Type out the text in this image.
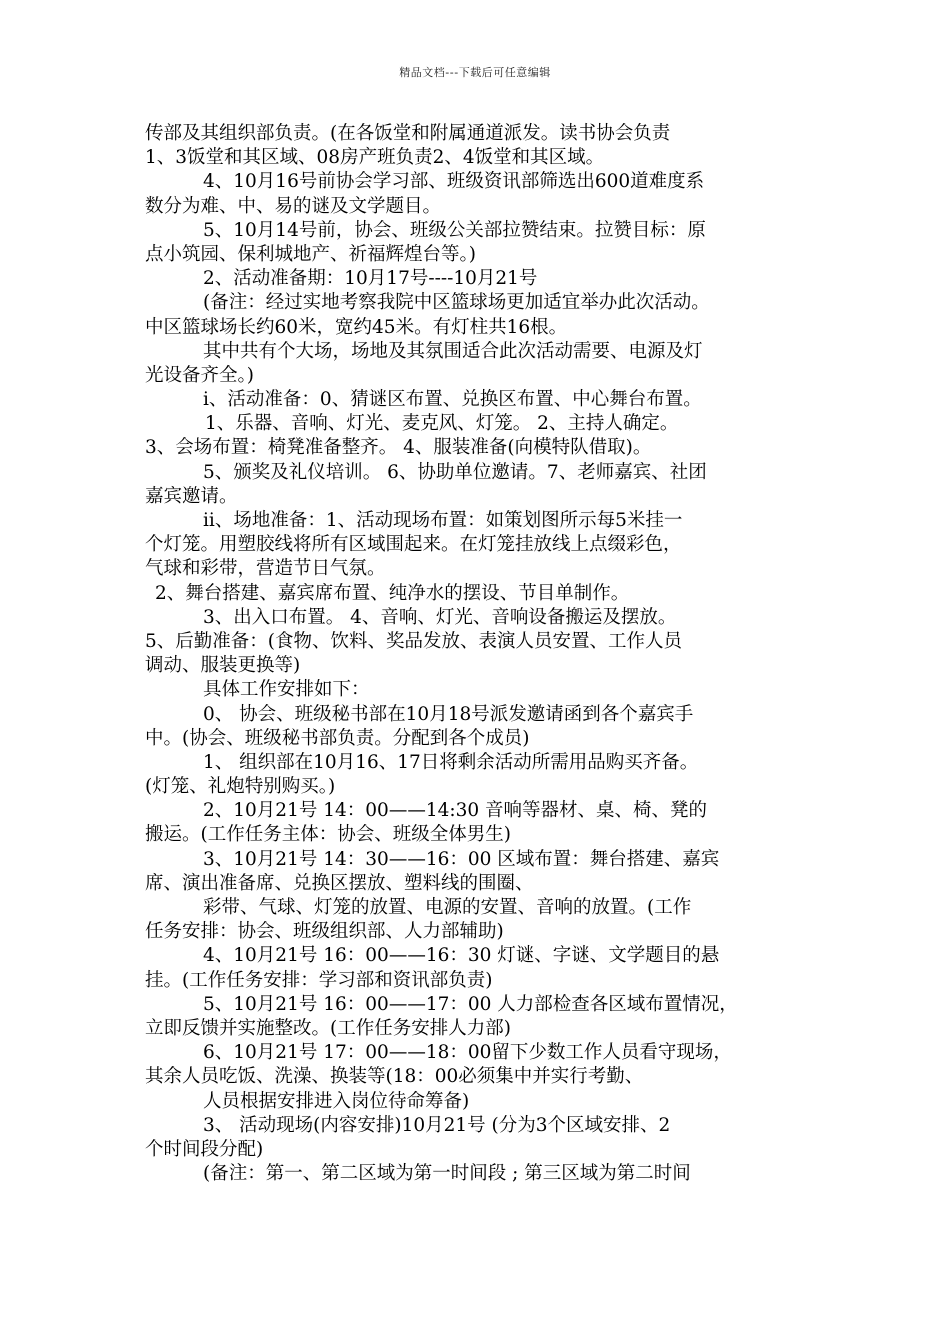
精品文档---下载后可任意编辑
传部及其组织部负责。(在各饭堂和附属通道派发。读书协会负责
1、3饭堂和其区域、08房产班负责2、4饭堂和其区域。
4、10月16号前协会学习部、班级资讯部筛选出600道难度系
数分为难、中、易的谜及文学题目。
5、10月14号前，协会、班级公关部拉赞结束。拉赞目标：原
点小筑园、保利城地产、祈福辉煌台等。)
2、活动准备期：10月17号----10月21号
(备注：经过实地考察我院中区篮球场更加适宜举办此次活动。
中区篮球场长约60米，宽约45米。有灯柱共16根。
其中共有个大场，场地及其氛围适合此次活动需要、电源及灯
光设备齐全。)
i、活动准备：0、猜谜区布置、兑换区布置、中心舞台布置。
1、乐器、音响、灯光、麦克风、灯笼。 2、主持人确定。
3、会场布置：椅凳准备整齐。 4、服装准备(向模特队借取)。
5、颁奖及礼仪培训。 6、协助单位邀请。7、老师嘉宾、社团
嘉宾邀请。
ii、场地准备：1、活动现场布置：如策划图所示每5米挂一
个灯笼。用塑胶线将所有区域围起来。在灯笼挂放线上点缀彩色，
气球和彩带，营造节日气氛。
2、舞台搭建、嘉宾席布置、纯净水的摆设、节目单制作。
3、出入口布置。 4、音响、灯光、音响设备搬运及摆放。
5、后勤准备：(食物、饮料、奖品发放、表演人员安置、工作人员
调动、服装更换等)
具体工作安排如下：
0、 协会、班级秘书部在10月18号派发邀请函到各个嘉宾手
中。(协会、班级秘书部负责。分配到各个成员)
1、 组织部在10月16、17日将剩余活动所需用品购买齐备。
(灯笼、礼炮特别购买。)
2、10月21号 14：00——14:30 音响等器材、桌、椅、凳的
搬运。(工作任务主体：协会、班级全体男生)
3、10月21号 14：30——16：00 区域布置：舞台搭建、嘉宾
席、演出准备席、兑换区摆放、塑料线的围圈、
彩带、气球、灯笼的放置、电源的安置、音响的放置。(工作
任务安排：协会、班级组织部、人力部辅助)
4、10月21号 16：00——16：30 灯谜、字谜、文学题目的悬
挂。(工作任务安排：学习部和资讯部负责)
5、10月21号 16：00——17：00 人力部检查各区域布置情况，
立即反馈并实施整改。(工作任务安排人力部)
6、10月21号 17：00——18：00留下少数工作人员看守现场，
其余人员吃饭、洗澡、换装等(18：00必须集中并实行考勤、
人员根据安排进入岗位待命筹备)
3、 活动现场(内容安排)10月21号 (分为3个区域安排、2
个时间段分配)
(备注：第一、第二区域为第一时间段 ; 第三区域为第二时间
